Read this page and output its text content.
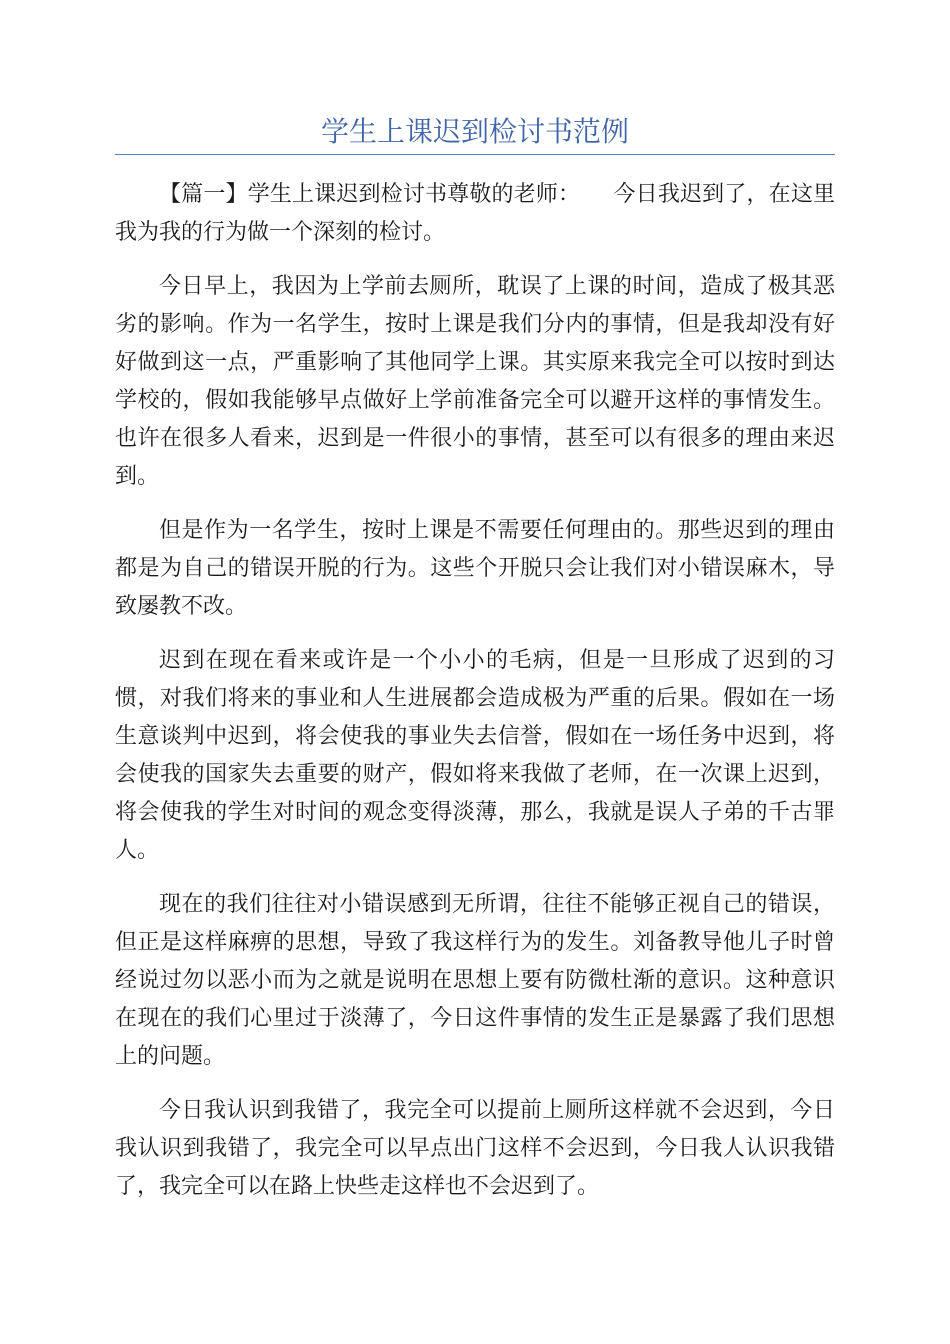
学生上课迟到检讨书范例

【篇一】学生上课迟到检讨书尊敬的老师：　　今日我迟到了，在这里我为我的行为做一个深刻的检讨。

今日早上，我因为上学前去厕所，耽误了上课的时间，造成了极其恶劣的影响。作为一名学生，按时上课是我们分内的事情，但是我却没有好好做到这一点，严重影响了其他同学上课。其实原来我完全可以按时到达学校的，假如我能够早点做好上学前准备完全可以避开这样的事情发生。也许在很多人看来，迟到是一件很小的事情，甚至可以有很多的理由来迟到。

但是作为一名学生，按时上课是不需要任何理由的。那些迟到的理由都是为自己的错误开脱的行为。这些个开脱只会让我们对小错误麻木，导致屡教不改。

迟到在现在看来或许是一个小小的毛病，但是一旦形成了迟到的习惯，对我们将来的事业和人生进展都会造成极为严重的后果。假如在一场生意谈判中迟到，将会使我的事业失去信誉，假如在一场任务中迟到，将会使我的国家失去重要的财产，假如将来我做了老师，在一次课上迟到，将会使我的学生对时间的观念变得淡薄，那么，我就是误人子弟的千古罪人。

现在的我们往往对小错误感到无所谓，往往不能够正视自己的错误，但正是这样麻痹的思想，导致了我这样行为的发生。刘备教导他儿子时曾经说过勿以恶小而为之就是说明在思想上要有防微杜渐的意识。这种意识在现在的我们心里过于淡薄了，今日这件事情的发生正是暴露了我们思想上的问题。

今日我认识到我错了，我完全可以提前上厕所这样就不会迟到，今日我认识到我错了，我完全可以早点出门这样不会迟到，今日我人认识我错了，我完全可以在路上快些走这样也不会迟到了。
